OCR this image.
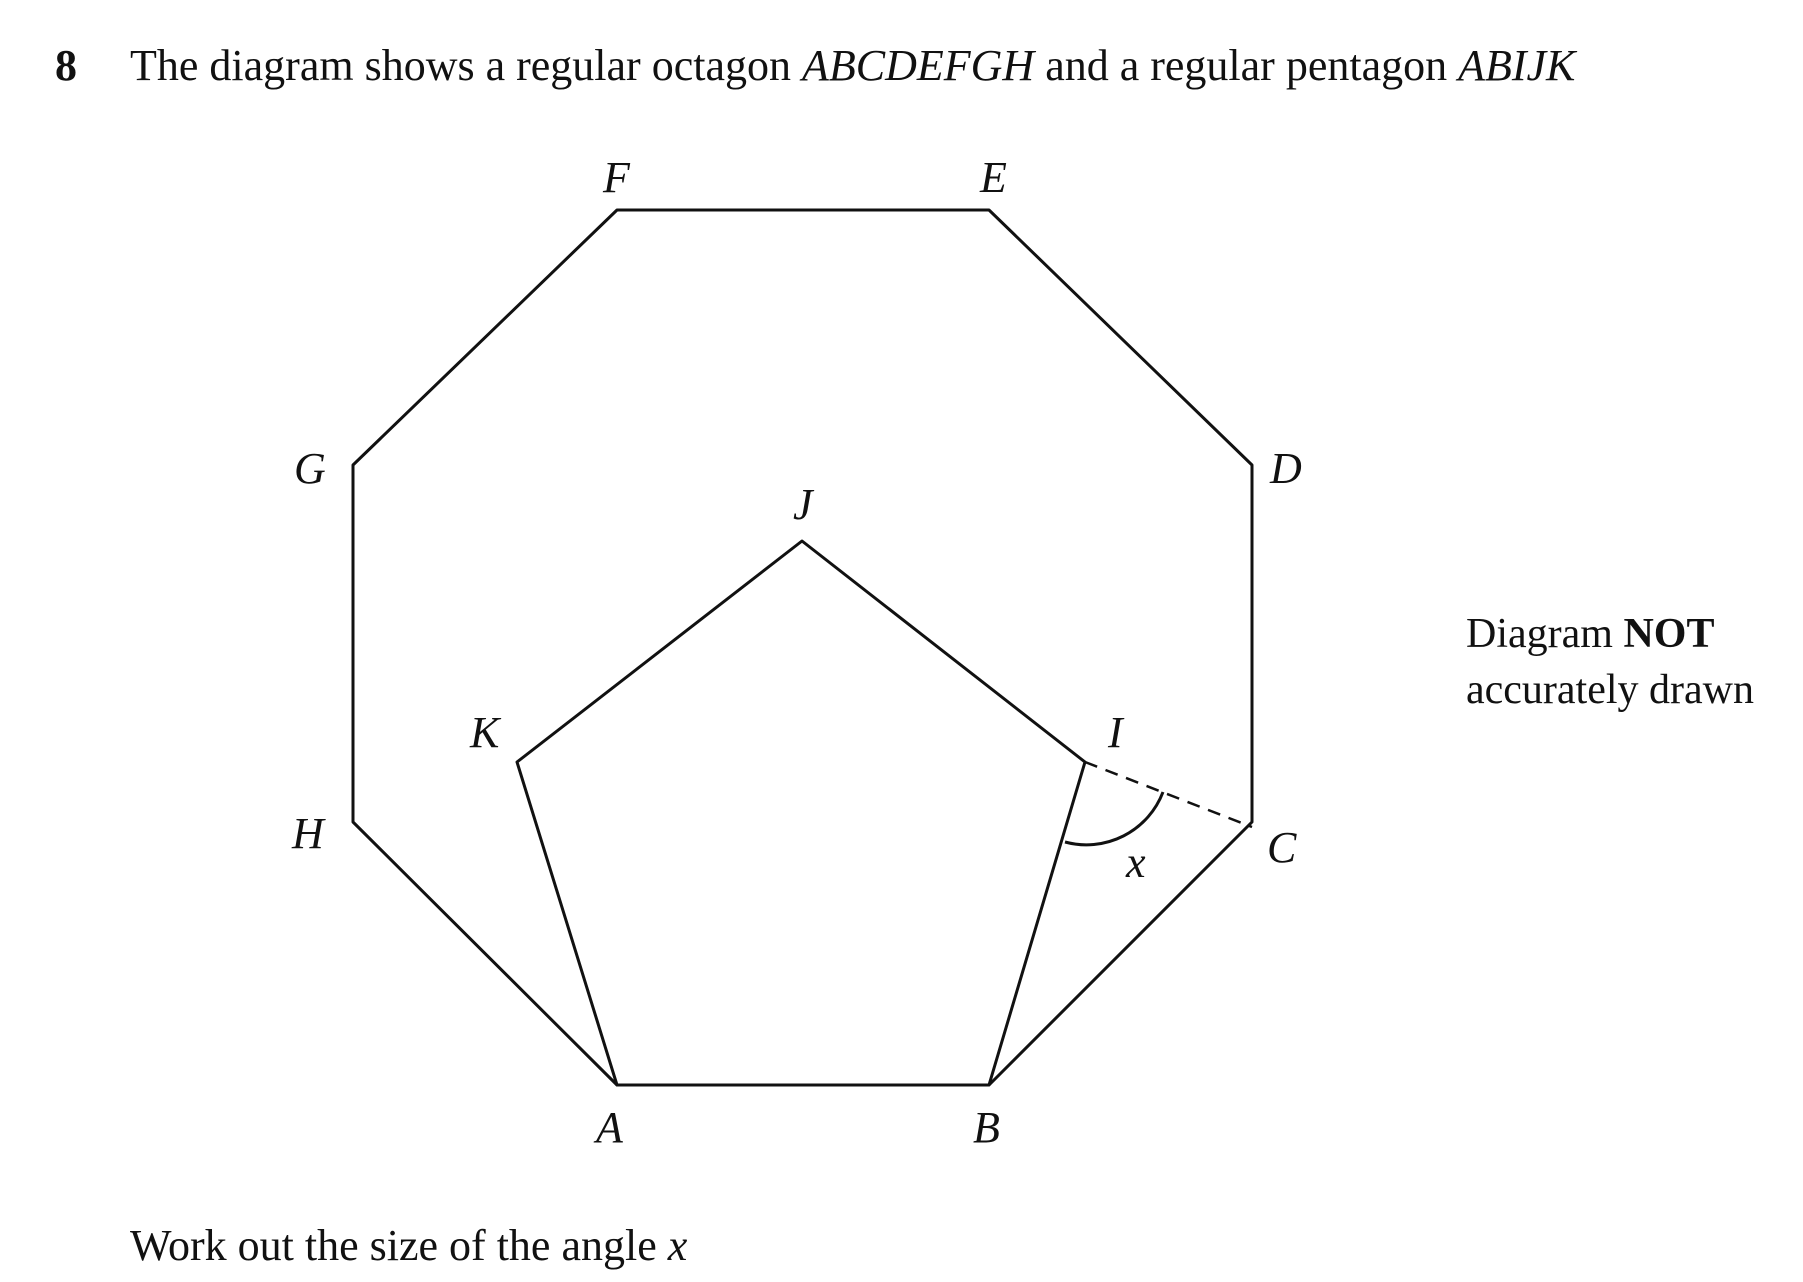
8 The diagram shows a regular octagon ABCDEFGH and a regular pentagon ABIJK
A	B
C
D
E
F
G
H
I
J
K
x
Diagram NOT
accurately drawn
Work out the size of the angle x
